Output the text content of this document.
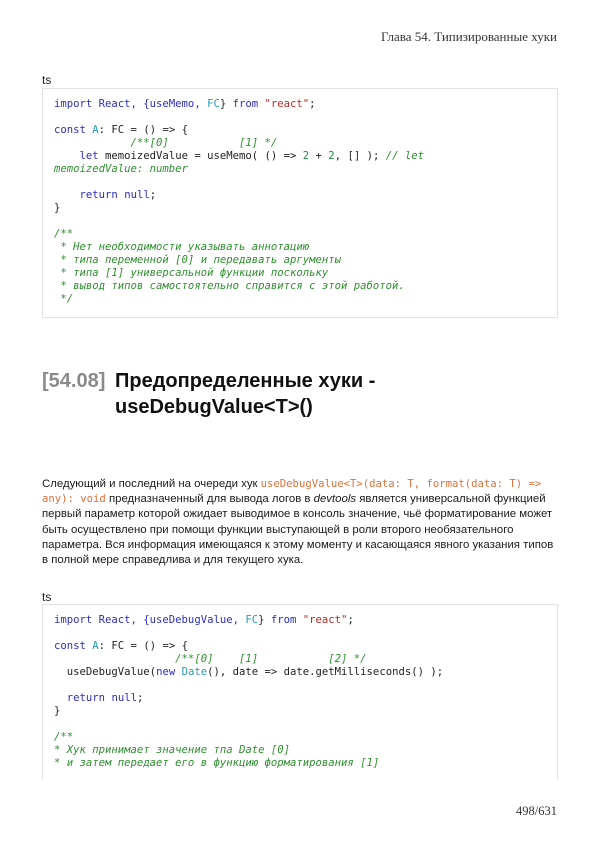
Глава 54. Типизированные хуки
ts
import React, {useMemo, FC} from "react";

const A: FC = () => {
/**[0]           [1] */
let memoizedValue = useMemo( () => 2 + 2, [] ); // let
memoizedValue: number

return null;
}

/**
* Нет необходимости указывать аннотацию
* типа переменной [0] и передавать аргументы
* типа [1] универсальной функции поскольку
* вывод типов самостоятельно справится с этой работой.
*/
[54.08] Предопределенные хуки - useDebugValue<T>()
Следующий и последний на очереди хук useDebugValue<T>(data: T, format(data: T) => any): void предназначенный для вывода логов в devtools является универсальной функцией первый параметр которой ожидает выводимое в консоль значение, чьё форматирование может быть осуществлено при помощи функции выступающей в роли второго необязательного параметра. Вся информация имеющаяся к этому моменту и касающаяся явного указания типов в полной мере справедлива и для текущего хука.
ts
import React, {useDebugValue, FC} from "react";

const A: FC = () => {
/**[0]    [1]           [2] */
useDebugValue(new Date(), date => date.getMilliseconds() );

return null;
}

/**
* Хук принимает значение тпа Date [0]
* и затем передает его в функцию форматирования [1]
498/631
